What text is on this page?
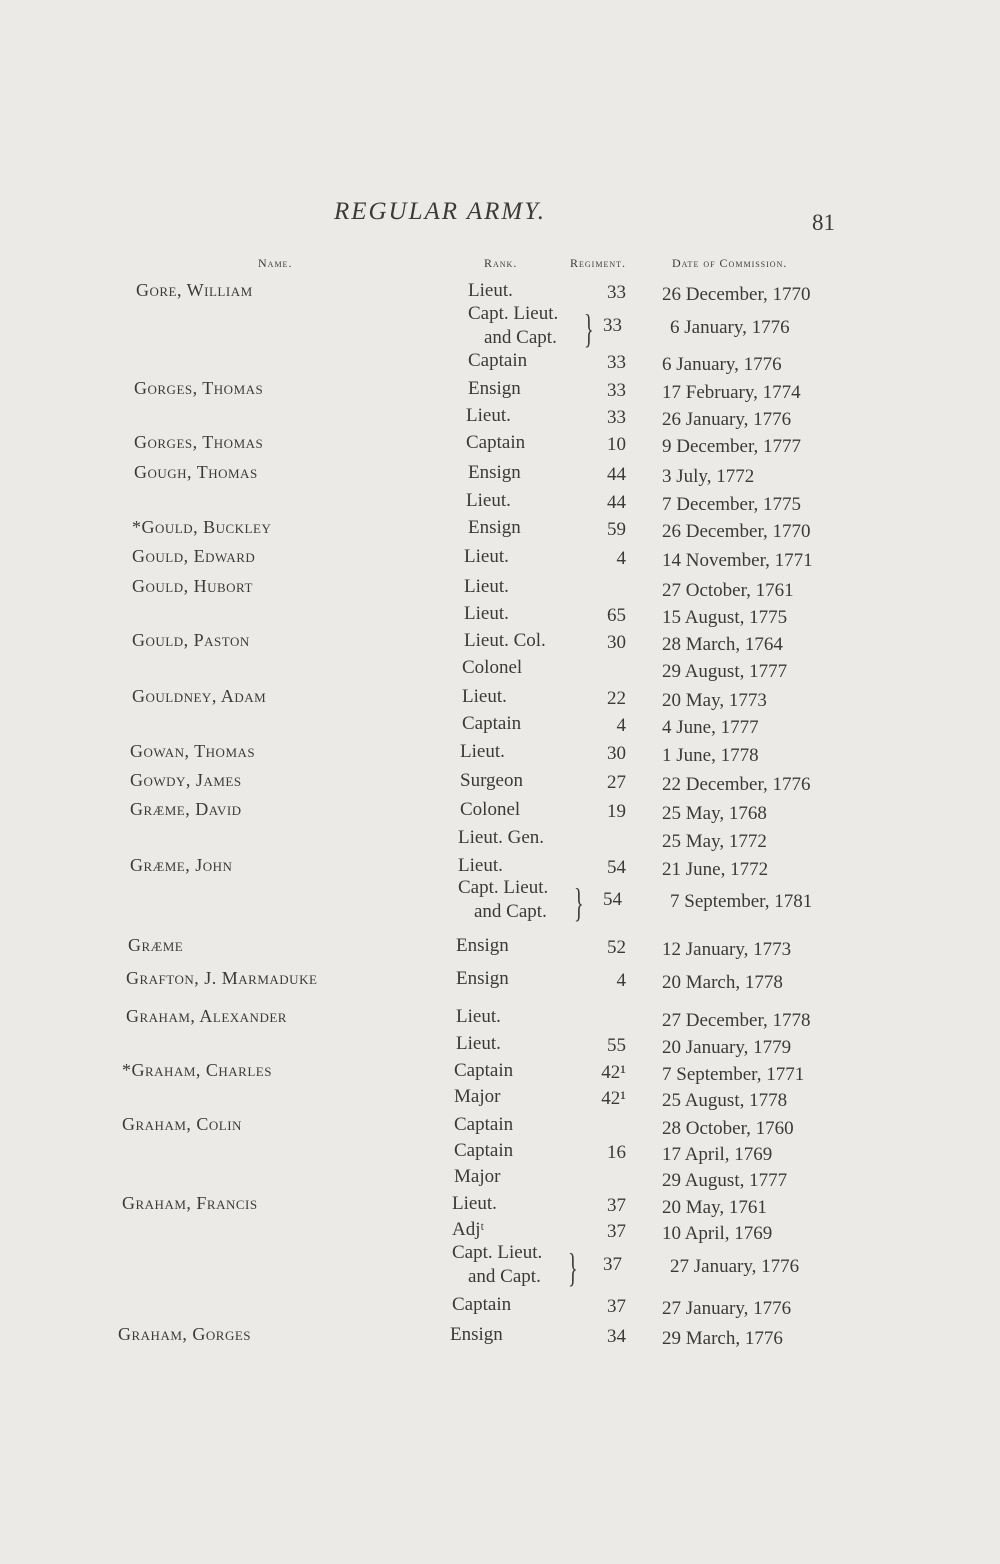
REGULAR ARMY.	81
Name.	Rank.	Regiment.	Date of Commission.
Gore, William	Lieut.	33 26 December, 1770
Capt. Lieut.
and Capt. } 33	6 January, 1776
Captain	33 6 January, 1776
Gorges, Thomas	Ensign	33 17 February, 1774
Lieut.	33 26 January, 1776
Gorges, Thomas	Captain	10 9 December, 1777
Gough, Thomas	Ensign	44 3 July, 1772
Lieut.	44 7 December, 1775
*Gould, Buckley	Ensign	59 26 December, 1770
Gould, Edward	Lieut.	4 14 November, 1771
Gould, Hubort	Lieut.	27 October, 1761
Lieut.	65 15 August, 1775
Gould, Paston	Lieut. Col.	30 28 March, 1764
Colonel	29 August, 1777
Gouldney, Adam	Lieut.	22 20 May, 1773
Captain	4 4 June, 1777
Gowan, Thomas	Lieut.	30 1 June, 1778
Gowdy, James	Surgeon	27 22 December, 1776
Græme, David	Colonel	19 25 May, 1768
Lieut. Gen.	25 May, 1772
Græme, John	Lieut.	54 21 June, 1772
Capt. Lieut.
and Capt. }	54	7 September, 1781
Græme	Ensign	52 12 January, 1773
Grafton, J. Marmaduke	Ensign	4 20 March, 1778
Graham, Alexander	Lieut.	27 December, 1778
Lieut.	55 20 January, 1779
*Graham, Charles	Captain	42¹ 7 September, 1771
Major	42¹ 25 August, 1778
Graham, Colin	Captain	28 October, 1760
Captain	16 17 April, 1769
Major	29 August, 1777
Graham, Francis	Lieut.	37 20 May, 1761
Adjᵗ	37 10 April, 1769
Capt. Lieut.
and Capt. }	37	27 January, 1776
Captain	37 27 January, 1776
Graham, Gorges	Ensign	34 29 March, 1776
